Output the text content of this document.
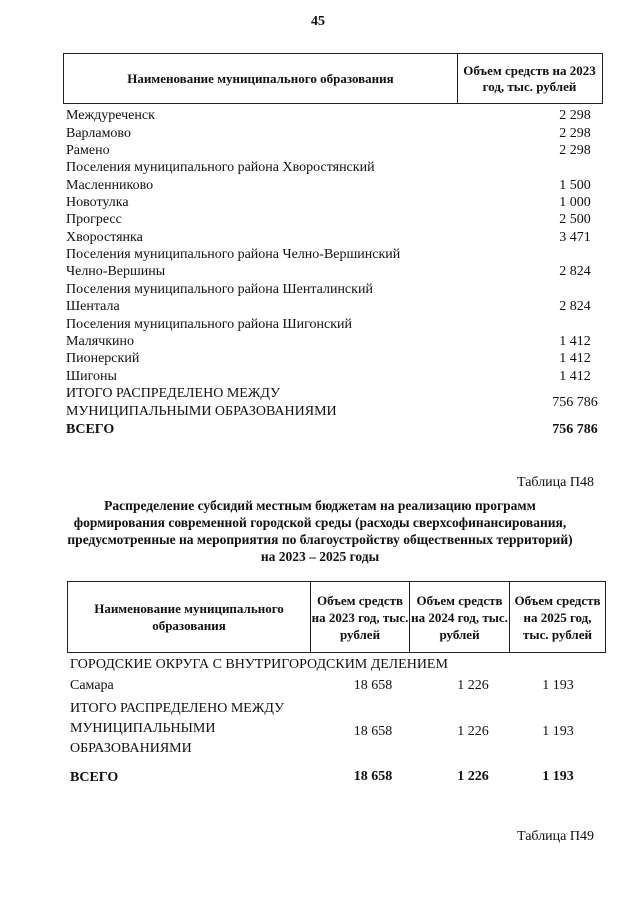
45
Наименование муниципального образования
Объем средств на 2023 год, тыс. рублей
Междуреченск	2 298
Варламово	2 298
Рамено	2 298
Поселения муниципального района Хворостянский
Масленниково	1 500
Новотулка	1 000
Прогресс	2 500
Хворостянка	3 471
Поселения муниципального района Челно-Вершинский
Челно-Вершины	2 824
Поселения муниципального района Шенталинский
Шентала	2 824
Поселения муниципального района Шигонский
Малячкино	1 412
Пионерский	1 412
Шигоны	1 412
ИТОГО РАСПРЕДЕЛЕНО МЕЖДУ
МУНИЦИПАЛЬНЫМИ ОБРАЗОВАНИЯМИ
756 786
ВСЕГО	756 786
Таблица П48
Распределение субсидий местным бюджетам на реализацию программ формирования современной городской среды (расходы сверхсофинансирования, предусмотренные на мероприятия по благоустройству общественных территорий) на 2023 – 2025 годы
Наименование муниципального образования
Объем средств на 2023 год, тыс. рублей
Объем средств на 2024 год, тыс. рублей
Объем средств на 2025 год, тыс. рублей
ГОРОДСКИЕ ОКРУГА С ВНУТРИГОРОДСКИМ ДЕЛЕНИЕМ
Самара	18 658	1 226	1 193
ИТОГО РАСПРЕДЕЛЕНО МЕЖДУ
МУНИЦИПАЛЬНЫМИ
ОБРАЗОВАНИЯМИ
18 658	1 226	1 193
ВСЕГО	18 658	1 226	1 193
Таблица П49
